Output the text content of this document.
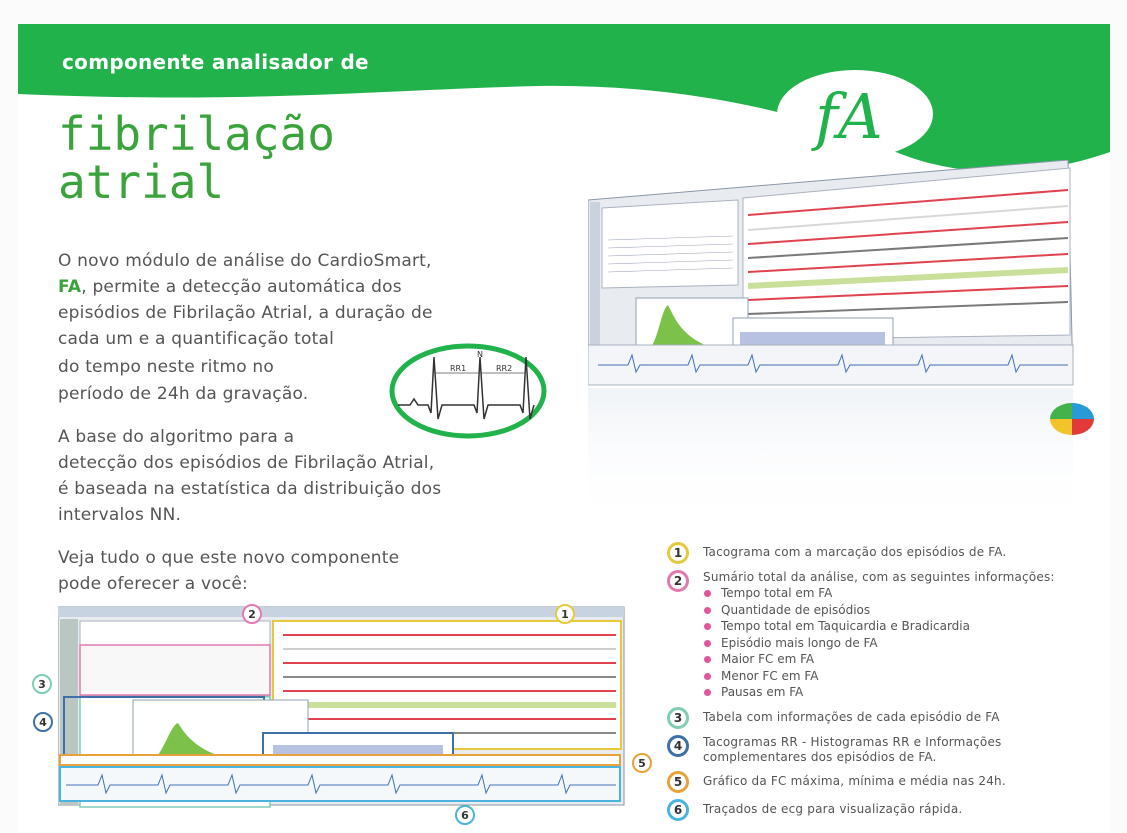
componente analisador de
fibrilação
atrial
fA
O novo módulo de análise do CardioSmart,
FA, permite a detecção automática dos
episódios de Fibrilação Atrial, a duração de
cada um e a quantificação total
do tempo neste ritmo no
período de 24h da gravação.
A base do algoritmo para a
detecção dos episódios de Fibrilação Atrial,
é baseada na estatística da distribuição dos
intervalos NN.
Veja tudo o que este novo componente
pode oferecer a você:
RR1
N
RR2
1
2
3
4
5
6
1	Tacograma com a marcação dos episódios de FA.
2	Sumário total da análise, com as seguintes informações:
Tempo total em FA
Quantidade de episódios
Tempo total em Taquicardia e Bradicardia
Episódio mais longo de FA
Maior FC em FA
Menor FC em FA
Pausas em FA
3	Tabela com informações de cada episódio de FA
4	Tacogramas RR - Histogramas RR e Informações complementares dos episódios de FA.
5	Gráfico da FC máxima, mínima e média nas 24h.
6	Traçados de ecg para visualização rápida.
